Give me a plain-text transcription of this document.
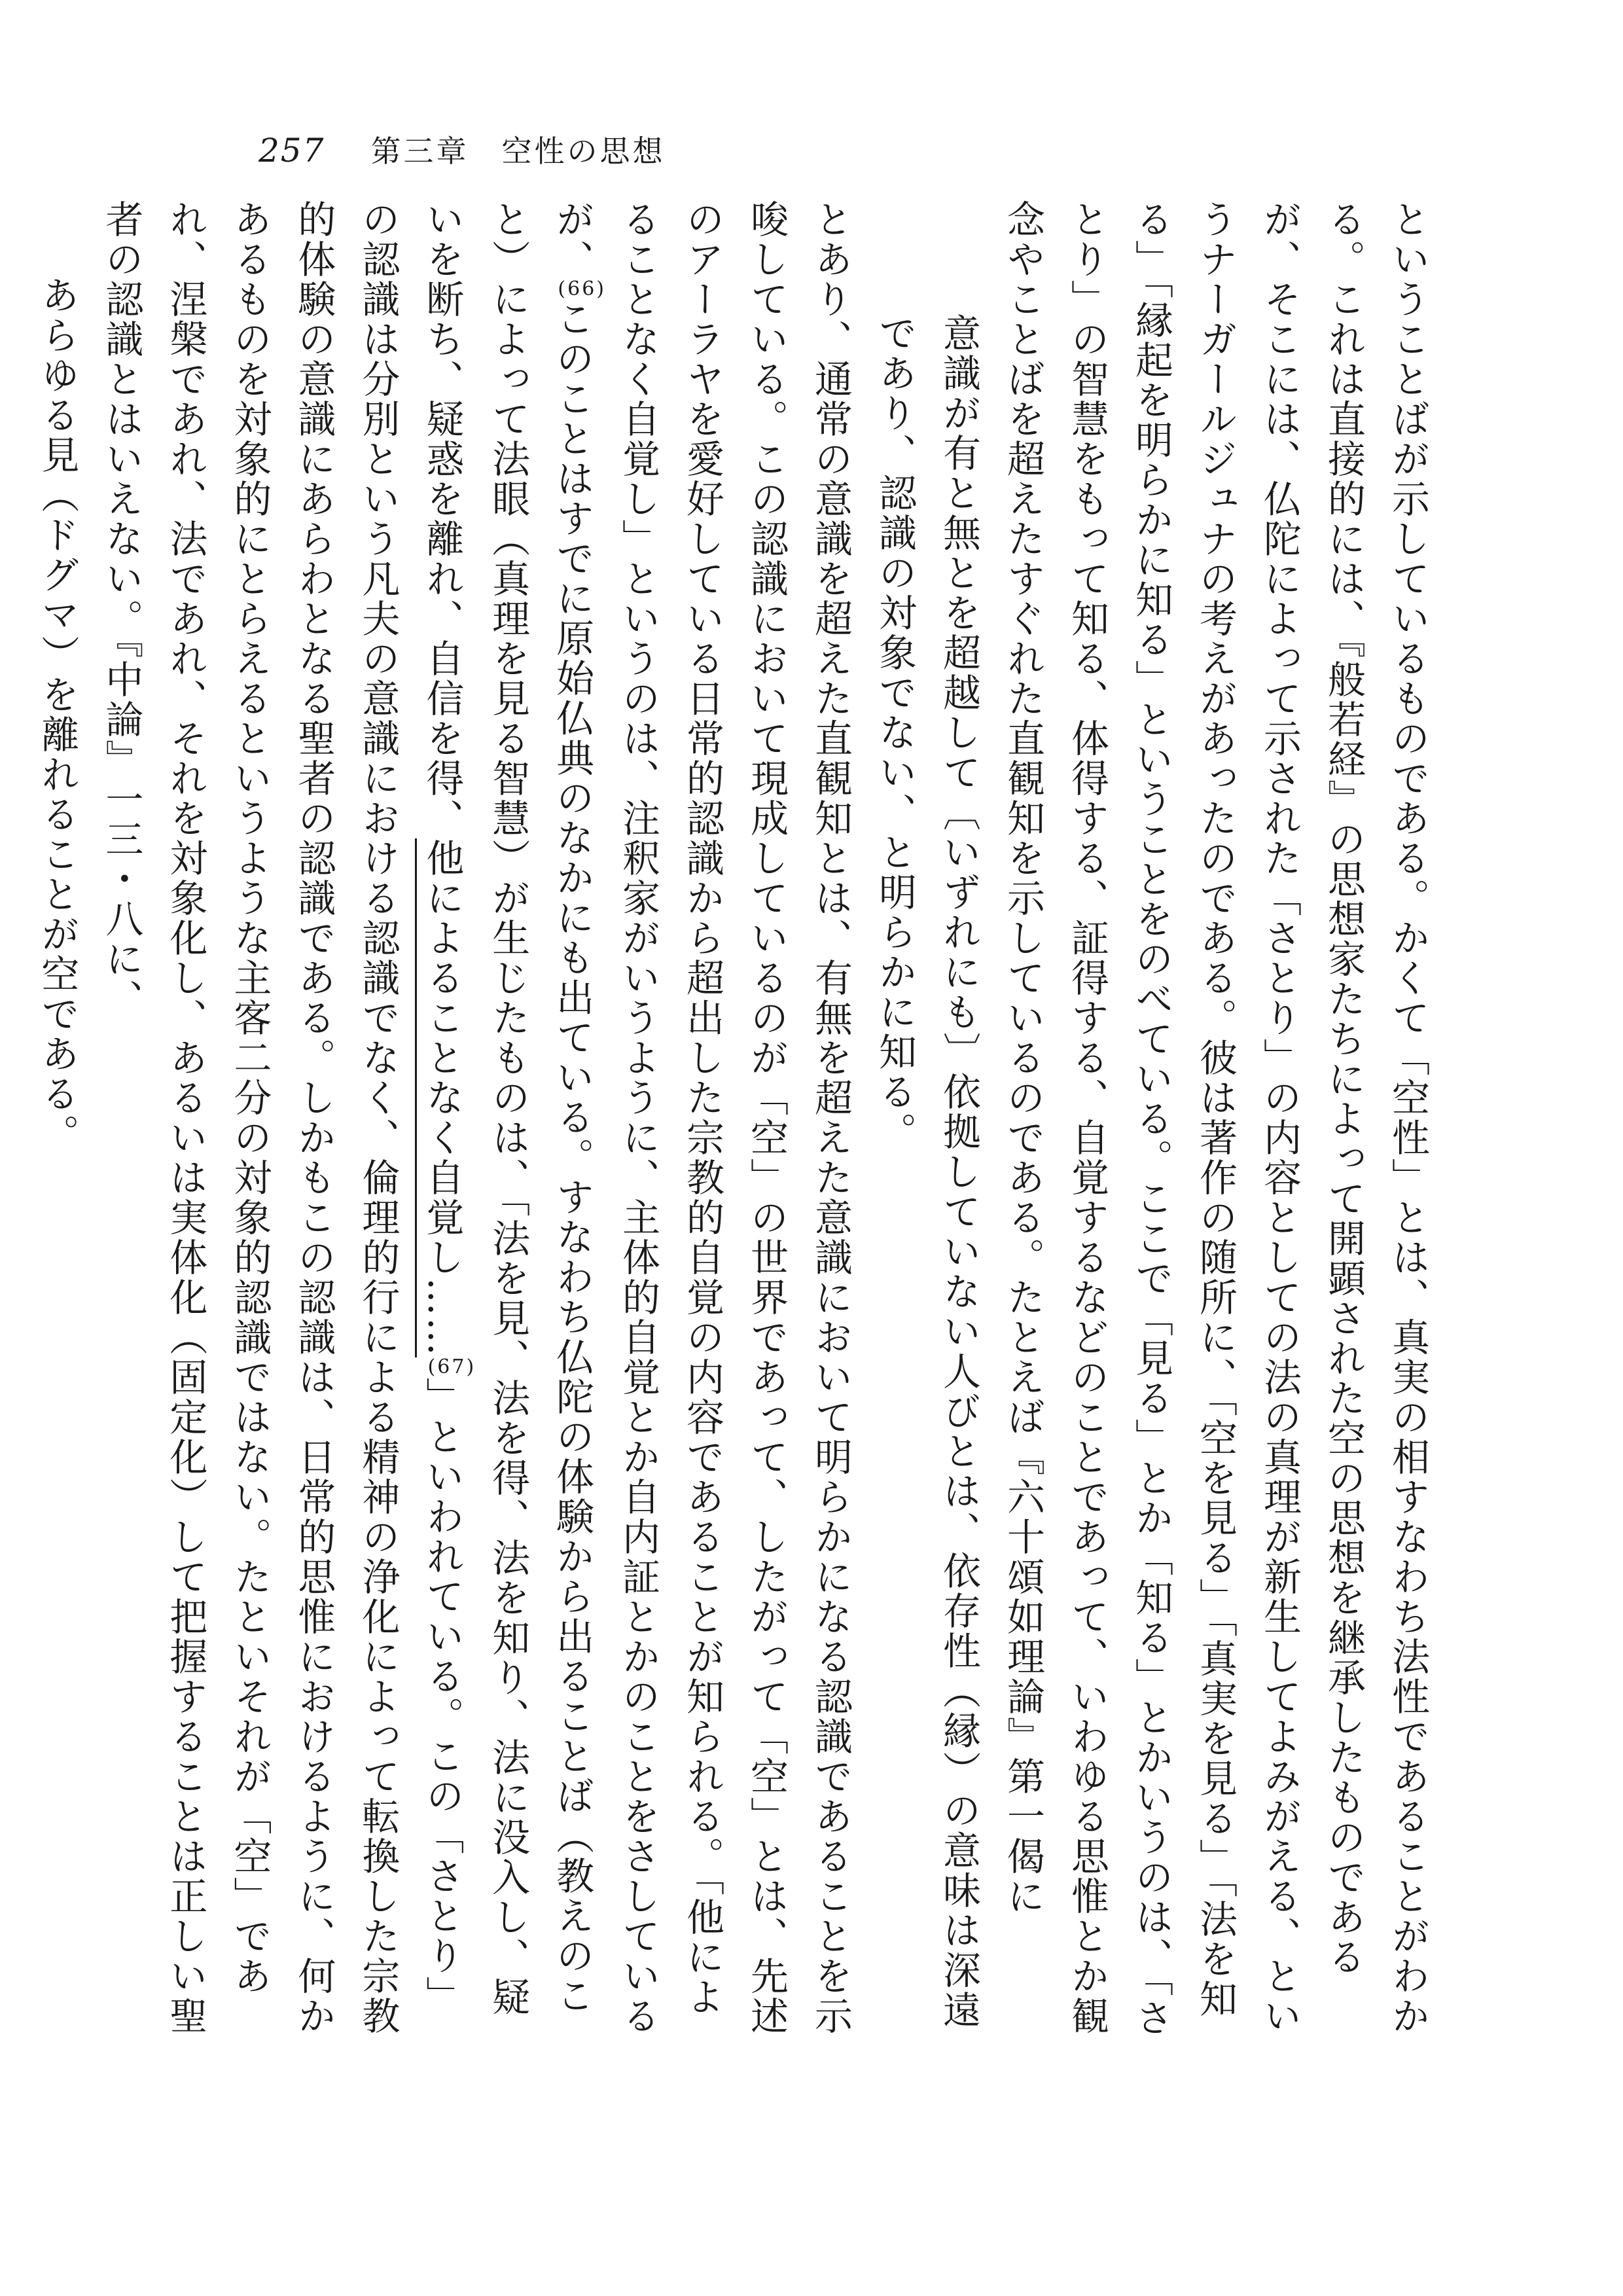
257 第三章　空性の思想

ということばが示しているものである。かくて「空性」とは、真実の相すなわち法性であることがわかる。これは直接的には、『般若経』の思想家たちによって開顕された空の思想を継承したものであるが、そこには、仏陀によって示された「さとり」の内容としての法の真理が新生してよみがえる、というナーガールジュナの考えがあったのである。彼は著作の随所に、「空を見る」「真実を見る」「法を知る」「縁起を明らかに知る」ということをのべている。ここで「見る」とか「知る」とかいうのは、「さとり」の智慧をもって知る、体得する、証得する、自覚するなどのことであって、いわゆる思惟とか観念やことばを超えたすぐれた直観知を示しているのである。たとえば『六十頌如理論』第一偈に

意識が有と無とを超越して〔いずれにも〕依拠していない人びとは、依存性（縁）の意味は深遠であり、認識の対象でない、と明らかに知る。

とあり、通常の意識を超えた直観知とは、有無を超えた意識において明らかになる認識であることを示唆している。この認識において現成しているのが「空」の世界であって、したがって「空」とは、先述のアーラヤを愛好している日常的認識から超出した宗教的自覚の内容であることが知られる。「他によることなく自覚し」というのは、注釈家がいうように、主体的自覚とか自内証とかのことをさしているが、(66)このことはすでに原始仏典のなかにも出ている。すなわち仏陀の体験から出ることば（教えのこと）によって法眼（真理を見る智慧）が生じたものは、「法を見、法を得、法を知り、法に没入し、疑いを断ち、疑惑を離れ、自信を得、他によることなく自覚し……(67)」といわれている。この「さとり」の認識は分別という凡夫の意識における認識でなく、倫理的行による精神の浄化によって転換した宗教的体験の意識にあらわとなる聖者の認識である。しかもこの認識は、日常的思惟におけるように、何かあるものを対象的にとらえるというような主客二分の対象的認識ではない。たといそれが「空」であれ、涅槃であれ、法であれ、それを対象化し、あるいは実体化（固定化）して把握することは正しい聖者の認識とはいえない。『中論』一三・八に、

あらゆる見（ドグマ）を離れることが空である。
